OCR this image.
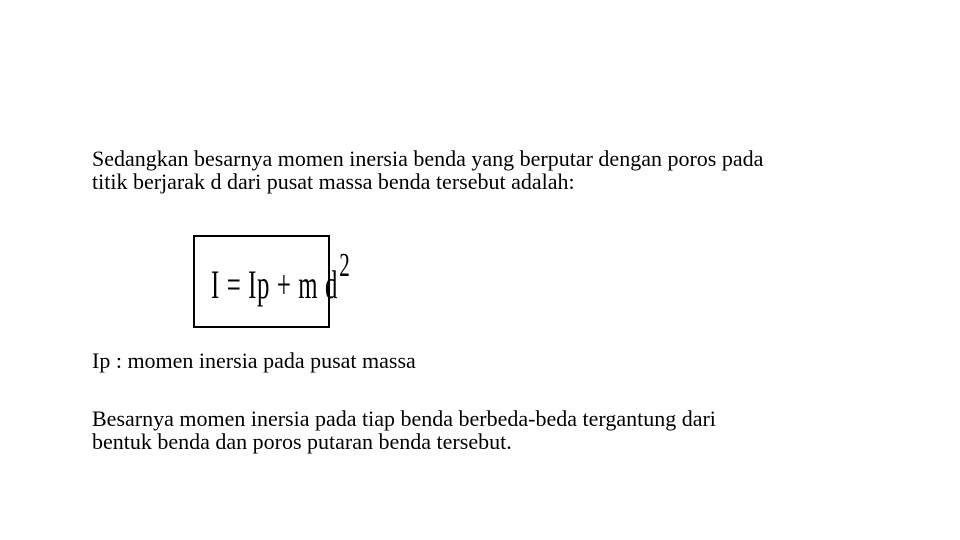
Sedangkan besarnya momen inersia benda yang berputar dengan poros pada
titik berjarak d dari pusat massa benda tersebut adalah:

I = Ip + m $d^2$

Ip : momen inersia pada pusat massa

Besarnya momen inersia pada tiap benda berbeda-beda tergantung dari
bentuk benda dan poros putaran benda tersebut.
